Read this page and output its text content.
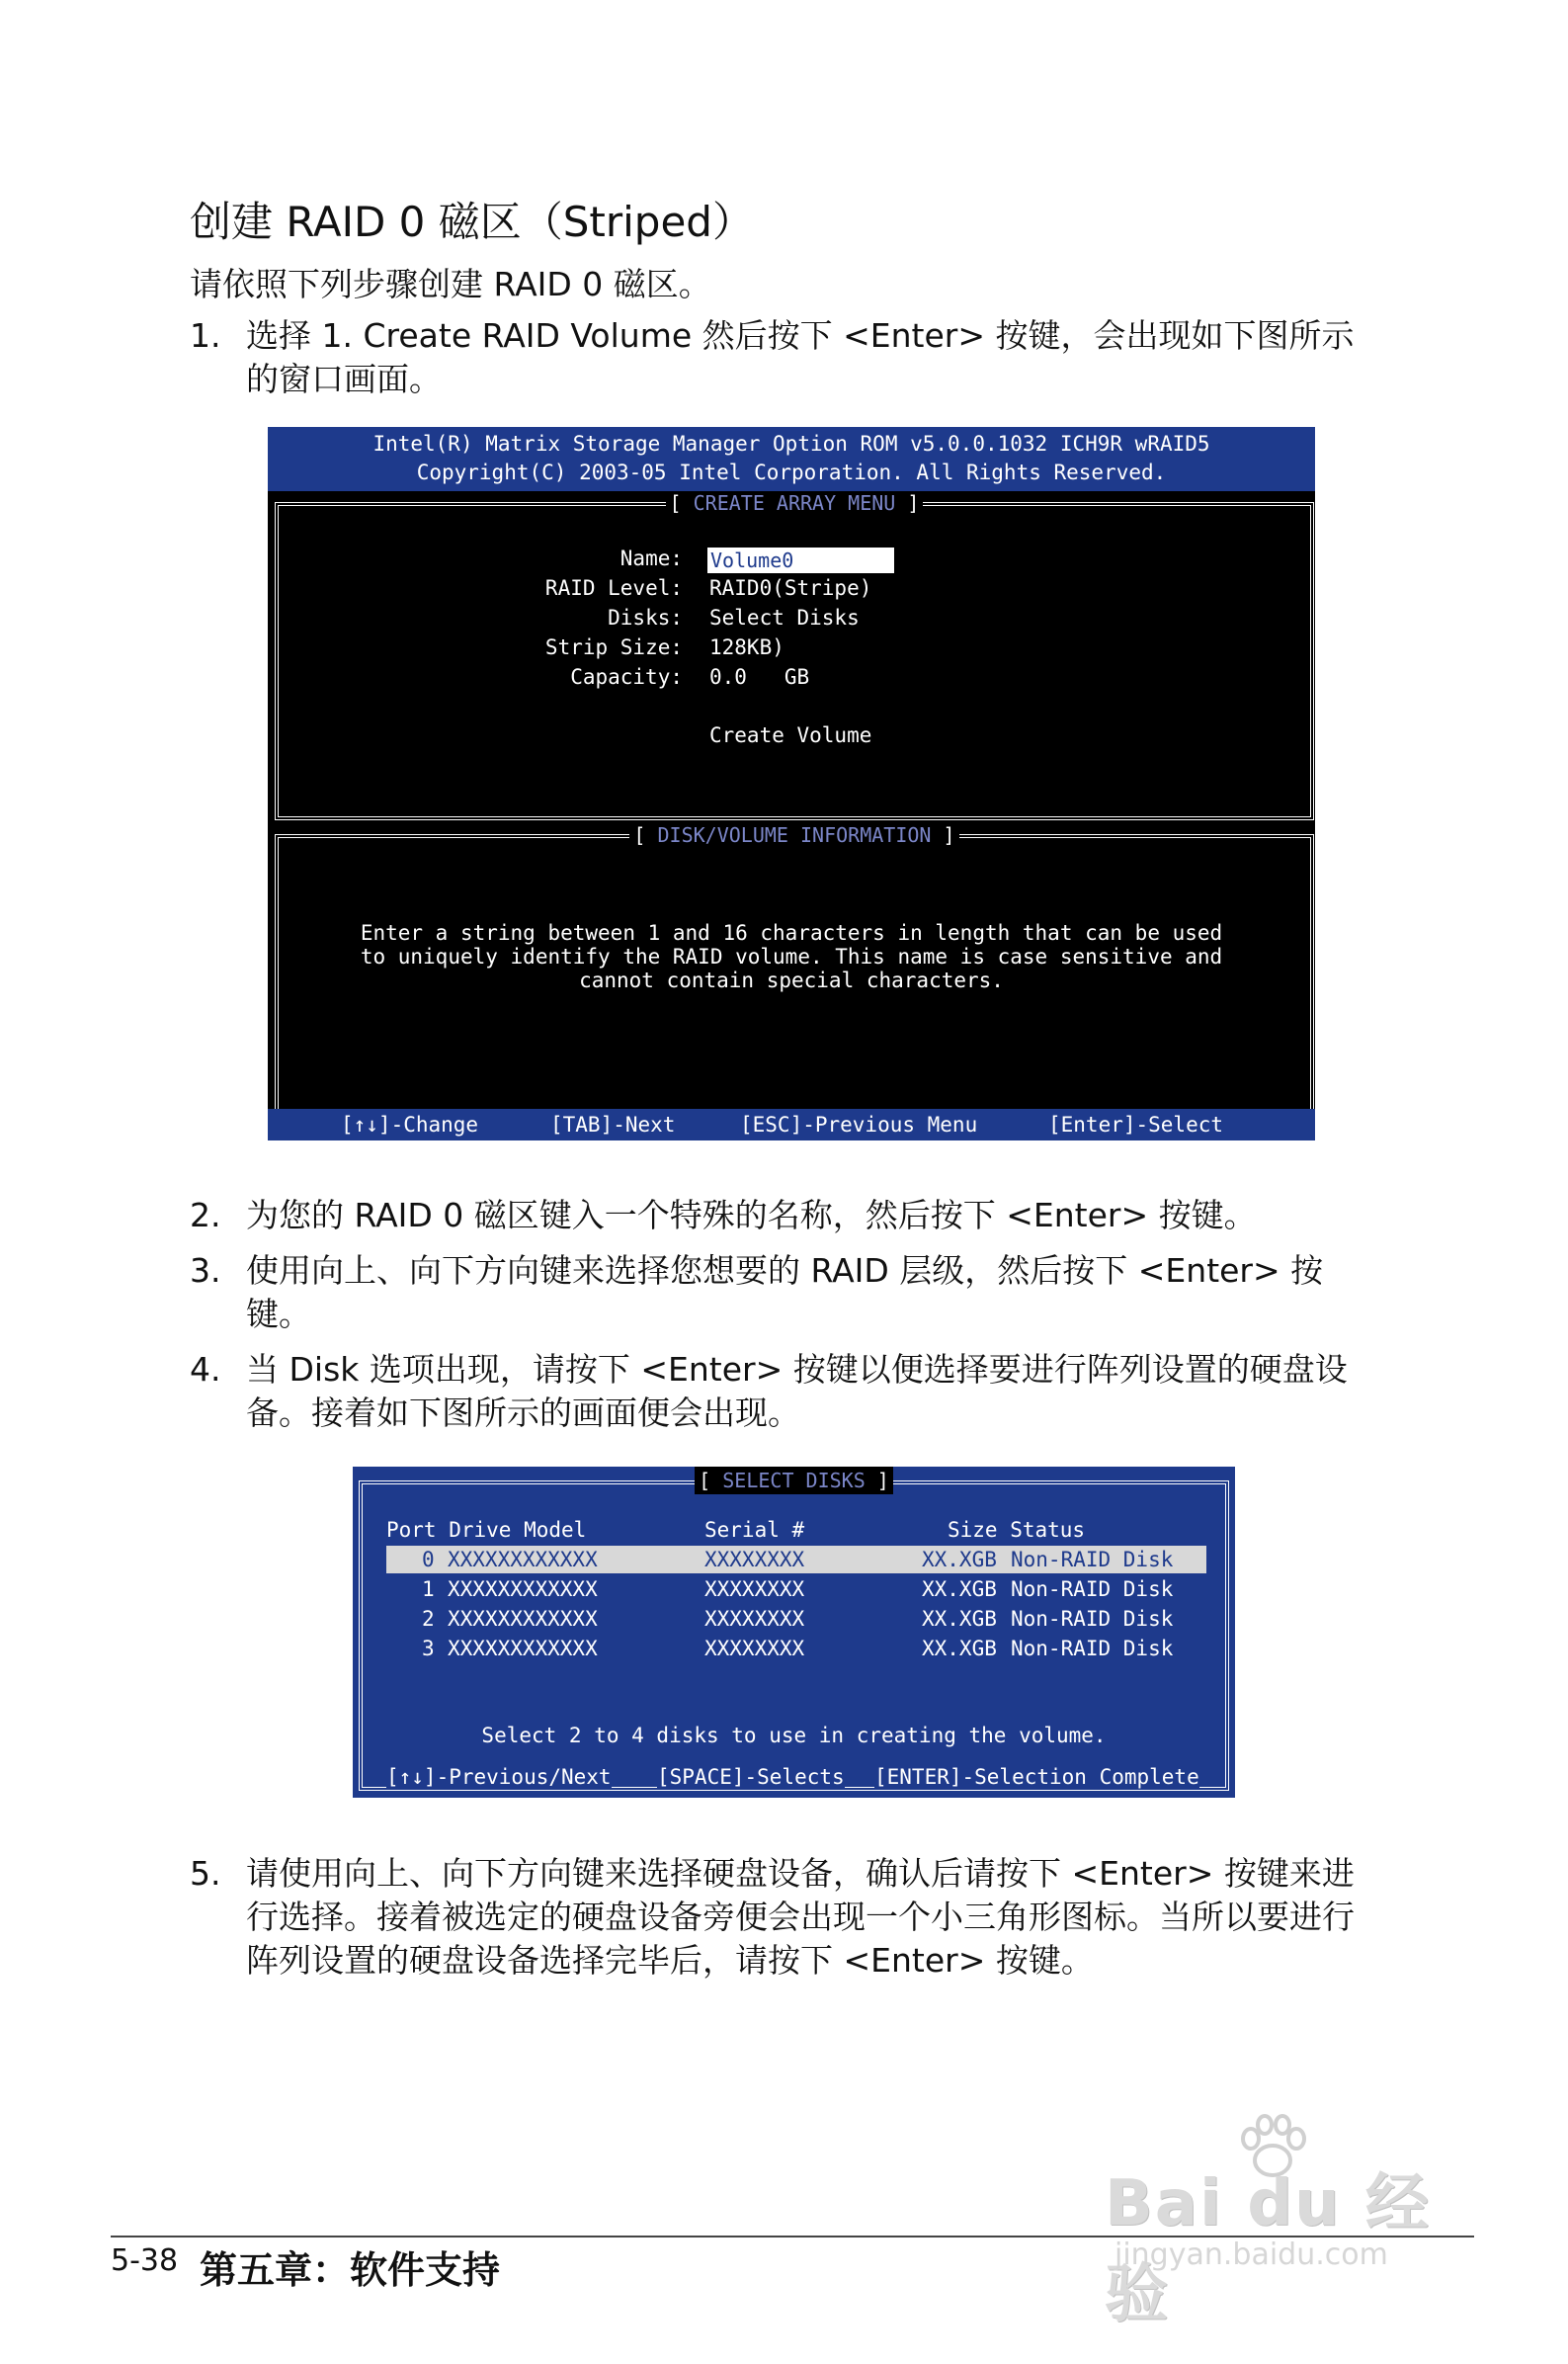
创建 RAID 0 磁区（Striped）
请依照下列步骤创建 RAID 0 磁区。
1. 选择 1. Create RAID Volume 然后按下 <Enter> 按键，会出现如下图所示的窗口画面。
Intel(R) Matrix Storage Manager Option ROM v5.0.0.1032 ICH9R wRAID5
Copyright(C) 2003-05 Intel Corporation. All Rights Reserved.
[ CREATE ARRAY MENU ]
Name: Volume0
RAID Level: RAID0(Stripe)
Disks: Select Disks
Strip Size: 128KB)
Capacity: 0.0   GB
Create Volume
[ DISK/VOLUME INFORMATION ]
Enter a string between 1 and 16 characters in length that can be used
to uniquely identify the RAID volume. This name is case sensitive and
cannot contain special characters.
[↑↓]-Change	[TAB]-Next	[ESC]-Previous Menu	[Enter]-Select
2. 为您的 RAID 0 磁区键入一个特殊的名称，然后按下 <Enter> 按键。
3. 使用向上、向下方向键来选择您想要的 RAID 层级，然后按下 <Enter> 按键。
4. 当 Disk 选项出现，请按下 <Enter> 按键以便选择要进行阵列设置的硬盘设备。接着如下图所示的画面便会出现。
[ SELECT DISKS ]
Port Drive Model	Serial #	Size Status
0 XXXXXXXXXXXX	XXXXXXXX	XX.XGB Non-RAID Disk
1 XXXXXXXXXXXX	XXXXXXXX	XX.XGB Non-RAID Disk
2 XXXXXXXXXXXX	XXXXXXXX	XX.XGB Non-RAID Disk
3 XXXXXXXXXXXX	XXXXXXXX	XX.XGB Non-RAID Disk
Select 2 to 4 disks to use in creating the volume.
[↑↓]-Previous/Next [SPACE]-Selects [ENTER]-Selection Complete
5. 请使用向上、向下方向键来选择硬盘设备，确认后请按下 <Enter> 按键来进行选择。接着被选定的硬盘设备旁便会出现一个小三角形图标。当所以要进行阵列设置的硬盘设备选择完毕后，请按下 <Enter> 按键。
5-38 第五章：软件支持
Bai du 经验
jingyan.baidu.com
